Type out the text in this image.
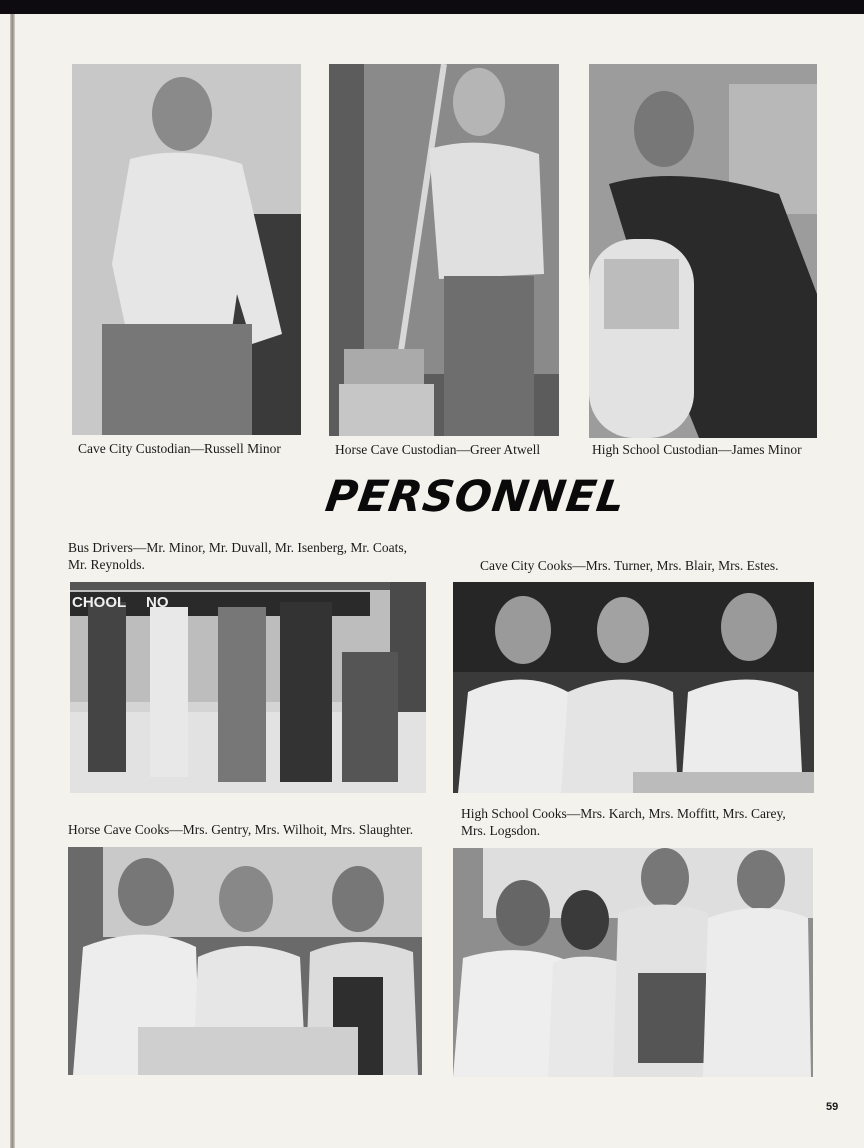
Cave City Custodian—Russell Minor	Horse Cave Custodian—Greer Atwell	High School Custodian—James Minor
PERSONNEL
Bus Drivers—Mr. Minor, Mr. Duvall, Mr. Isenberg, Mr. Coats,
Mr. Reynolds.	Cave City Cooks—Mrs. Turner, Mrs. Blair, Mrs. Estes.
CHOOL NO
Horse Cave Cooks—Mrs. Gentry, Mrs. Wilhoit, Mrs. Slaughter.
High School Cooks—Mrs. Karch, Mrs. Moffitt, Mrs. Carey,
Mrs. Logsdon.
59
